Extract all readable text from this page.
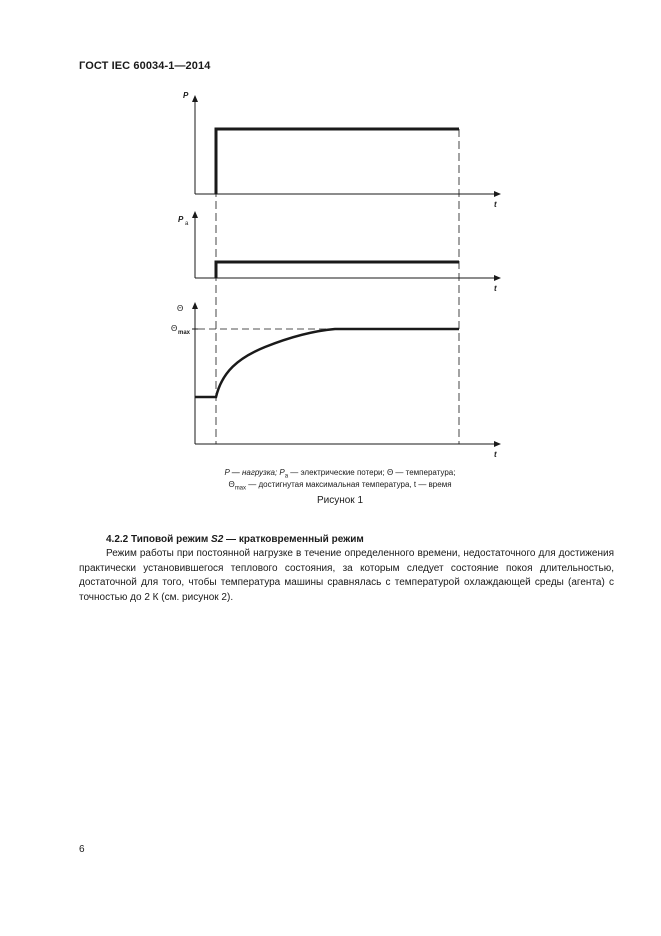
ГОСТ IEC 60034-1—2014
P
t
P a
t
Θ
Θ max
t
P — нагрузка; $P_a$ — электрические потери; Θ — температура;
$\Theta_{max}$ — достигнутая максимальная температура, t — время
Рисунок 1
4.2.2 Типовой режим S2 — кратковременный режим
Режим работы при постоянной нагрузке в течение определенного времени, недостаточного для достижения практически установившегося теплового состояния, за которым следует состояние покоя длительностью, достаточной для того, чтобы температура машины сравнялась с температурой охлаждающей среды (агента) с точностью до 2 К (см. рисунок 2).
6
